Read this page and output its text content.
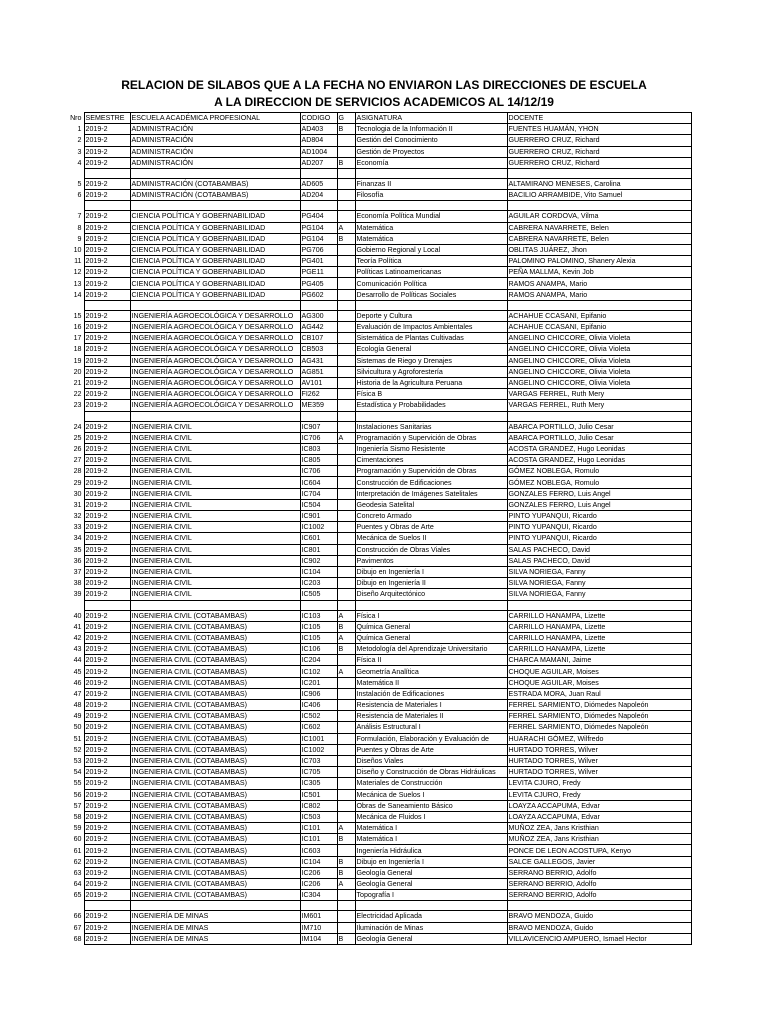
RELACION DE SILABOS QUE A LA FECHA NO ENVIARON LAS DIRECCIONES DE ESCUELA
A LA DIRECCION DE SERVICIOS ACADEMICOS AL 14/12/19
Nro	SEMESTRE	ESCUELA ACADÉMICA PROFESIONAL	CODIGO	G	ASIGNATURA	DOCENTE
1	2019-2	ADMINISTRACIÓN	AD403	B	Tecnologia de la Información II	FUENTES HUAMÁN, YHON
2	2019-2	ADMINISTRACIÓN	AD804		Gestión del Conocimiento	GUERRERO CRUZ, Richard
3	2019-2	ADMINISTRACIÓN	AD1004		Gestión de Proyectos	GUERRERO CRUZ, Richard
4	2019-2	ADMINISTRACIÓN	AD207	B	Economía	GUERRERO CRUZ, Richard

5	2019-2	ADMINISTRACIÓN (COTABAMBAS)	AD605		Finanzas II	ALTAMIRANO MENESES, Carolina
6	2019-2	ADMINISTRACIÓN (COTABAMBAS)	AD204		Filosofía	BACILIO ARRAMBIDE, Vito Samuel

7	2019-2	CIENCIA POLÍTICA Y GOBERNABILIDAD	PG404		Economía Política Mundial	AGUILAR CORDOVA, Vilma
8	2019-2	CIENCIA POLÍTICA Y GOBERNABILIDAD	PG104	A	Matemática	CABRERA NAVARRETE, Belen
9	2019-2	CIENCIA POLÍTICA Y GOBERNABILIDAD	PG104	B	Matemática	CABRERA NAVARRETE, Belen
10	2019-2	CIENCIA POLÍTICA Y GOBERNABILIDAD	PG706		Gobierno Regional y Local	OBLITAS JUÁREZ, Jhon
11	2019-2	CIENCIA POLÍTICA Y GOBERNABILIDAD	PG401		Teoría Política	PALOMINO PALOMINO, Shanery Alexia
12	2019-2	CIENCIA POLÍTICA Y GOBERNABILIDAD	PGE11		Políticas Latinoamericanas	PEÑA MALLMA, Kevin Job
13	2019-2	CIENCIA POLÍTICA Y GOBERNABILIDAD	PG405		Comunicación Política	RAMOS ANAMPA, Mario
14	2019-2	CIENCIA POLÍTICA Y GOBERNABILIDAD	PG602		Desarrollo de Políticas Sociales	RAMOS ANAMPA, Mario

15	2019-2	INGENIERÍA AGROECOLÓGICA Y DESARROLLO	AG300		Deporte y Cultura	ACHAHUE CCASANI, Epifanio
16	2019-2	INGENIERÍA AGROECOLÓGICA Y DESARROLLO	AG442		Evaluación de Impactos Ambientales	ACHAHUE CCASANI, Epifanio
17	2019-2	INGENIERÍA AGROECOLÓGICA Y DESARROLLO	CB107		Sistemática de Plantas Cultivadas	ANGELINO CHICCORE, Olivia Violeta
18	2019-2	INGENIERÍA AGROECOLÓGICA Y DESARROLLO	CB503		Ecología General	ANGELINO CHICCORE, Olivia Violeta
19	2019-2	INGENIERÍA AGROECOLÓGICA Y DESARROLLO	AG431		Sistemas de Riego y Drenajes	ANGELINO CHICCORE, Olivia Violeta
20	2019-2	INGENIERÍA AGROECOLÓGICA Y DESARROLLO	AG851		Silvicultura y Agroforestería	ANGELINO CHICCORE, Olivia Violeta
21	2019-2	INGENIERÍA AGROECOLÓGICA Y DESARROLLO	AV101		Historia de la Agricultura Peruana	ANGELINO CHICCORE, Olivia Violeta
22	2019-2	INGENIERÍA AGROECOLÓGICA Y DESARROLLO	FI262		Física B	VARGAS FERREL, Ruth Mery
23	2019-2	INGENIERÍA AGROECOLÓGICA Y DESARROLLO	ME359		Estadística y Probabilidades	VARGAS FERREL, Ruth Mery

24	2019-2	INGENIERIA CIVIL	IC907		Instalaciones Sanitarias	ABARCA PORTILLO, Julio Cesar
25	2019-2	INGENIERIA CIVIL	IC706	A	Programación y Supervición de Obras	ABARCA PORTILLO, Julio Cesar
26	2019-2	INGENIERIA CIVIL	IC803		Ingeniería Sismo Resistente	ACOSTA GRANDEZ, Hugo Leonidas
27	2019-2	INGENIERIA CIVIL	IC805		Cimentaciones	ACOSTA GRANDEZ, Hugo Leonidas
28	2019-2	INGENIERIA CIVIL	IC706		Programación y Supervición de Obras	GÓMEZ NOBLEGA, Romulo
29	2019-2	INGENIERIA CIVIL	IC604		Construcción de Edificaciones	GÓMEZ NOBLEGA, Romulo
30	2019-2	INGENIERIA CIVIL	IC704		Interpretación de Imágenes Satelitales	GONZALES FERRO, Luis Angel
31	2019-2	INGENIERIA CIVIL	IC504		Geodesia Satelital	GONZALES FERRO, Luis Angel
32	2019-2	INGENIERIA CIVIL	IC901		Concreto Armado	PINTO YUPANQUI, Ricardo
33	2019-2	INGENIERIA CIVIL	IC1002		Puentes y Obras de Arte	PINTO YUPANQUI, Ricardo
34	2019-2	INGENIERIA CIVIL	IC601		Mecánica de Suelos II	PINTO YUPANQUI, Ricardo
35	2019-2	INGENIERIA CIVIL	IC801		Construcción de Obras Viales	SALAS PACHECO, David
36	2019-2	INGENIERIA CIVIL	IC902		Pavimentos	SALAS PACHECO, David
37	2019-2	INGENIERIA CIVIL	IC104		Dibujo en Ingeniería I	SILVA NORIEGA, Fanny
38	2019-2	INGENIERIA CIVIL	IC203		Dibujo en Ingeniería II	SILVA NORIEGA, Fanny
39	2019-2	INGENIERIA CIVIL	IC505		Diseño Arquitectónico	SILVA NORIEGA, Fanny

40	2019-2	INGENIERIA CIVIL (COTABAMBAS)	IC103	A	Física I	CARRILLO HANAMPA, Lizette
41	2019-2	INGENIERIA CIVIL (COTABAMBAS)	IC105	B	Química General	CARRILLO HANAMPA, Lizette
42	2019-2	INGENIERIA CIVIL (COTABAMBAS)	IC105	A	Química General	CARRILLO HANAMPA, Lizette
43	2019-2	INGENIERIA CIVIL (COTABAMBAS)	IC106	B	Metodología del Aprendizaje Universitario	CARRILLO HANAMPA, Lizette
44	2019-2	INGENIERIA CIVIL (COTABAMBAS)	IC204		Física II	CHARCA MAMANI, Jaime
45	2019-2	INGENIERIA CIVIL (COTABAMBAS)	IC102	A	Geometría Analítica	CHOQUE AGUILAR, Moises
46	2019-2	INGENIERIA CIVIL (COTABAMBAS)	IC201		Matemática II	CHOQUE AGUILAR, Moises
47	2019-2	INGENIERIA CIVIL (COTABAMBAS)	IC906		Instalación de Edificaciones	ESTRADA MORA, Juan Raul
48	2019-2	INGENIERIA CIVIL (COTABAMBAS)	IC406		Resistencia de Materiales I	FERREL SARMIENTO, Diómedes Napoleón
49	2019-2	INGENIERIA CIVIL (COTABAMBAS)	IC502		Resistencia de Materiales II	FERREL SARMIENTO, Diómedes Napoleón
50	2019-2	INGENIERIA CIVIL (COTABAMBAS)	IC602		Análisis Estructural I	FERREL SARMIENTO, Diómedes Napoleón
51	2019-2	INGENIERIA CIVIL (COTABAMBAS)	IC1001		Formulación, Elaboración y Evaluación de	HUARACHI GÓMEZ, Wilfredo
52	2019-2	INGENIERIA CIVIL (COTABAMBAS)	IC1002		Puentes y Obras de Arte	HURTADO TORRES, Wilver
53	2019-2	INGENIERIA CIVIL (COTABAMBAS)	IC703		Diseños Viales	HURTADO TORRES, Wilver
54	2019-2	INGENIERIA CIVIL (COTABAMBAS)	IC705		Diseño y Construcción de Obras Hidráulicas	HURTADO TORRES, Wilver
55	2019-2	INGENIERIA CIVIL (COTABAMBAS)	IC305		Materiales de Construcción	LEVITA CJURO, Fredy
56	2019-2	INGENIERIA CIVIL (COTABAMBAS)	IC501		Mecánica de Suelos I	LEVITA CJURO, Fredy
57	2019-2	INGENIERIA CIVIL (COTABAMBAS)	IC802		Obras de Saneamiento Básico	LOAYZA ACCAPUMA, Edvar
58	2019-2	INGENIERIA CIVIL (COTABAMBAS)	IC503		Mecánica de Fluidos I	LOAYZA ACCAPUMA, Edvar
59	2019-2	INGENIERIA CIVIL (COTABAMBAS)	IC101	A	Matemática I	MUÑOZ ZEA, Jans Kristhian
60	2019-2	INGENIERIA CIVIL (COTABAMBAS)	IC101	B	Matemática I	MUÑOZ ZEA, Jans Kristhian
61	2019-2	INGENIERIA CIVIL (COTABAMBAS)	IC603		Ingeniería Hidráulica	PONCE DE LEON ACOSTUPA, Kenyo
62	2019-2	INGENIERIA CIVIL (COTABAMBAS)	IC104	B	Dibujo en Ingeniería I	SALCE GALLEGOS, Javier
63	2019-2	INGENIERIA CIVIL (COTABAMBAS)	IC206	B	Geología General	SERRANO BERRIO, Adolfo
64	2019-2	INGENIERIA CIVIL (COTABAMBAS)	IC206	A	Geología General	SERRANO BERRIO, Adolfo
65	2019-2	INGENIERIA CIVIL (COTABAMBAS)	IC304		Topografía I	SERRANO BERRIO, Adolfo

66	2019-2	INGENIERÍA DE MINAS	IM601		Electricidad Aplicada	BRAVO MENDOZA, Guido
67	2019-2	INGENIERÍA DE MINAS	IM710		Iluminación de Minas	BRAVO MENDOZA, Guido
68	2019-2	INGENIERÍA DE MINAS	IM104	B	Geología General	VILLAVICENCIO AMPUERO, Ismael Hector
